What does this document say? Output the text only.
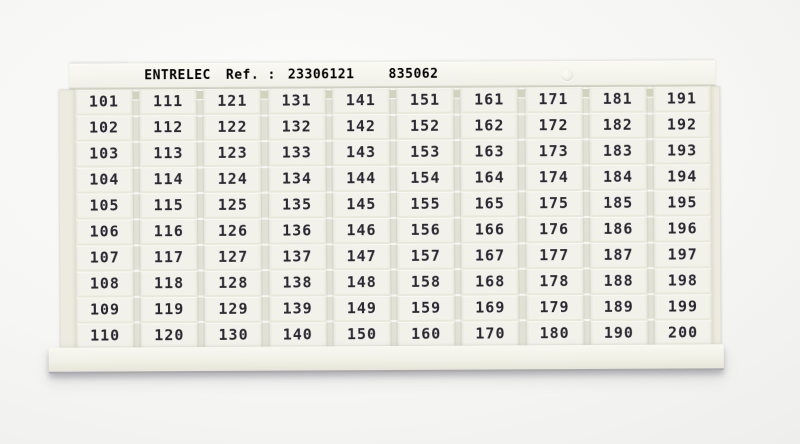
ENTRELEC Ref. : 23306121	835062
101
102
103
104
105
106
107
108
109
110
111
112
113
114
115
116
117
118
119
120
121
122
123
124
125
126
127
128
129
130
131
132
133
134
135
136
137
138
139
140
141
142
143
144
145
146
147
148
149
150
151
152
153
154
155
156
157
158
159
160
161
162
163
164
165
166
167
168
169
170
171
172
173
174
175
176
177
178
179
180
181
182
183
184
185
186
187
188
189
190
191
192
193
194
195
196
197
198
199
200
